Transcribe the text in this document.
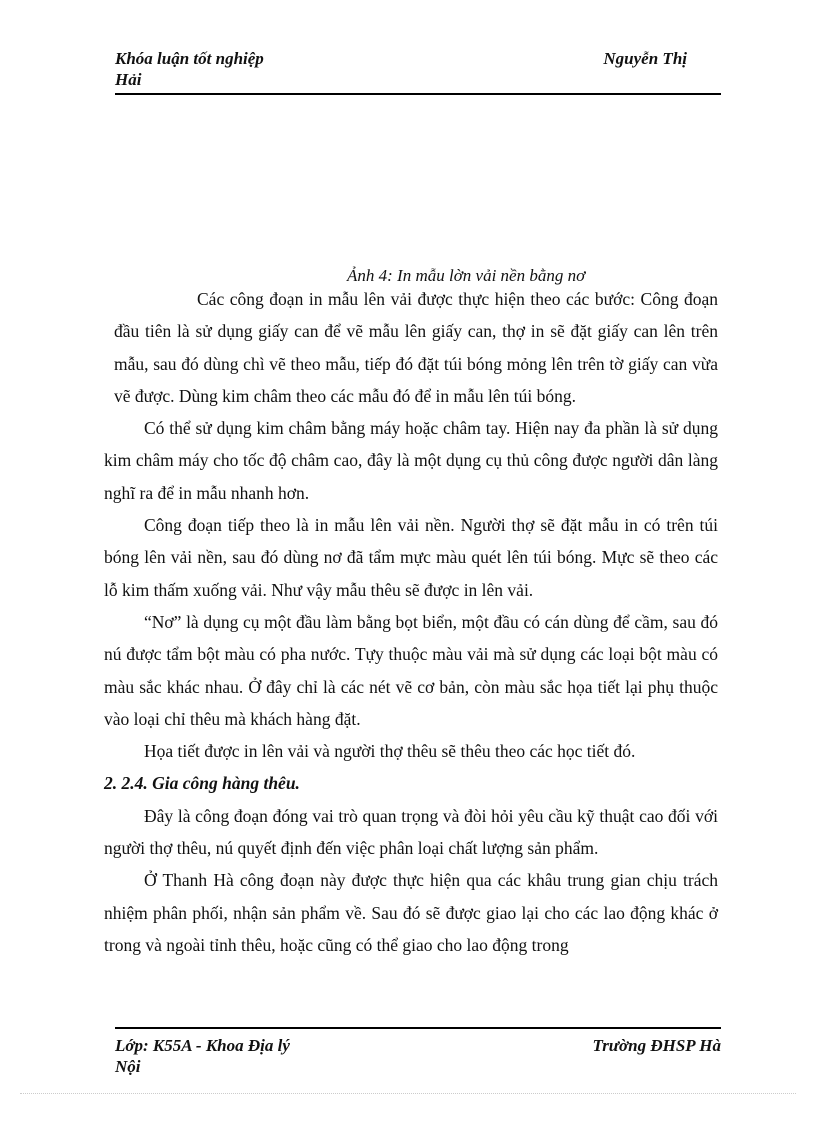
Khóa luận tốt nghiệp	Nguyễn Thị
Hải
Ảnh 4: In mẫu lờn vải nền bằng nơ

Các công đoạn in mẫu lên vải được thực hiện theo các bước: Công đoạn đầu tiên là sử dụng giấy can để vẽ mẫu lên giấy can, thợ in sẽ đặt giấy can lên trên mẫu, sau đó dùng chì vẽ theo mẫu, tiếp đó đặt túi bóng mỏng lên trên tờ giấy can vừa vẽ được. Dùng kim châm theo các mẫu đó để in mẫu lên túi bóng.

Có thể sử dụng kim châm bằng máy hoặc châm tay. Hiện nay đa phần là sử dụng kim châm máy cho tốc độ châm cao, đây là một dụng cụ thủ công được người dân làng nghĩ ra để in mẫu nhanh hơn.

Công đoạn tiếp theo là in mẫu lên vải nền. Người thợ sẽ đặt mẫu in có trên túi bóng lên vải nền, sau đó dùng nơ đã tẩm mực màu quét lên túi bóng. Mực sẽ theo các lỗ kim thấm xuống vải. Như vậy mẫu thêu sẽ được in lên vải.

“Nơ” là dụng cụ một đầu làm bằng bọt biển, một đầu có cán dùng để cầm, sau đó nú được tẩm bột màu có pha nước. Tựy thuộc màu vải mà sử dụng các loại bột màu có màu sắc khác nhau. Ở đây chỉ là các nét vẽ cơ bản, còn màu sắc họa tiết lại phụ thuộc vào loại chỉ thêu mà khách hàng đặt.

Họa tiết được in lên vải và người thợ thêu sẽ thêu theo các học tiết đó.

2. 2.4. Gia công hàng thêu.

Đây là công đoạn đóng vai trò quan trọng và đòi hỏi yêu cầu kỹ thuật cao đối với người thợ thêu, nú quyết định đến việc phân loại chất lượng sản phẩm.

Ở Thanh Hà công đoạn này được thực hiện qua các khâu trung gian chịu trách nhiệm phân phối, nhận sản phẩm về. Sau đó sẽ được giao lại cho các lao động khác ở trong và ngoài tỉnh thêu, hoặc cũng có thể giao cho lao động trong

Lớp: K55A - Khoa Địa lý	Trường ĐHSP Hà
Nội
